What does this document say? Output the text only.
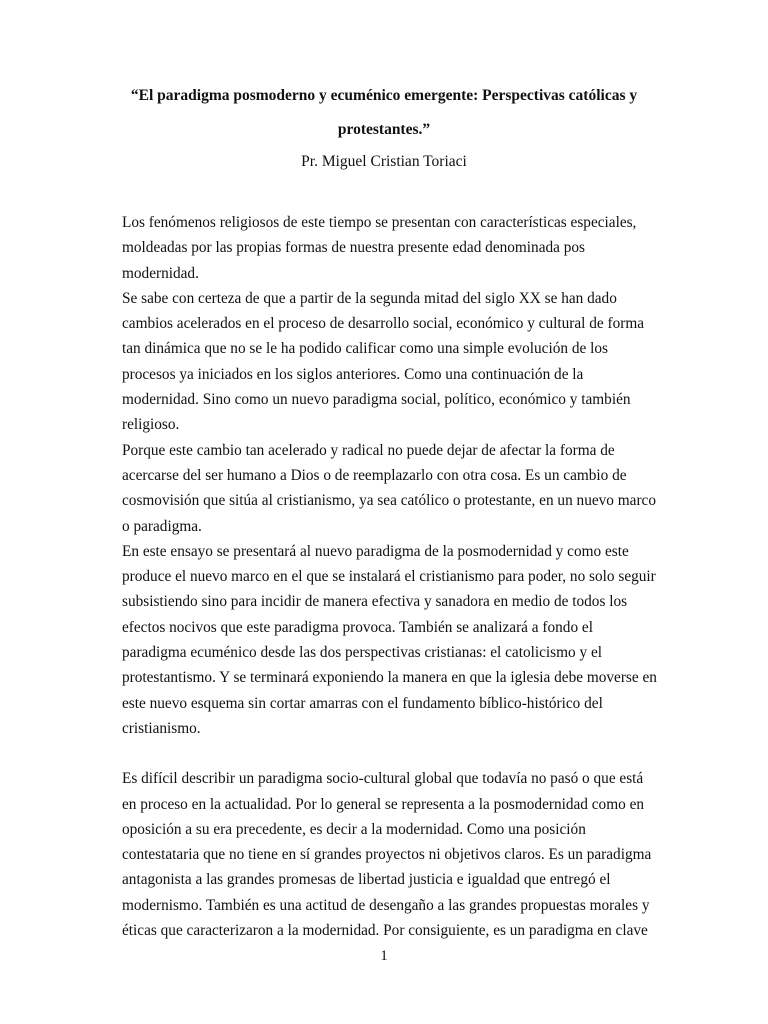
“El paradigma posmoderno y ecuménico emergente: Perspectivas católicas y

protestantes.”

Pr. Miguel Cristian Toriaci

Los fenómenos religiosos de este tiempo se presentan con características especiales,
moldeadas por las propias formas de nuestra presente edad denominada pos
modernidad.

Se sabe con certeza de que a partir de la segunda mitad del siglo XX se han dado
cambios acelerados en el proceso de desarrollo social, económico y cultural de forma
tan dinámica que no se le ha podido calificar como una simple evolución de los
procesos ya iniciados en los siglos anteriores. Como una continuación de la
modernidad. Sino como un nuevo paradigma social, político, económico y también
religioso.

Porque este cambio tan acelerado y radical no puede dejar de afectar la forma de
acercarse del ser humano a Dios o de reemplazarlo con otra cosa. Es un cambio de
cosmovisión que sitúa al cristianismo, ya sea católico o protestante, en un nuevo marco
o paradigma.

En este ensayo se presentará al nuevo paradigma de la posmodernidad y como este
produce el nuevo marco en el que se instalará el cristianismo para poder, no solo seguir
subsistiendo sino para incidir de manera efectiva y sanadora en medio de todos los
efectos nocivos que este paradigma provoca. También se analizará a fondo el
paradigma ecuménico desde las dos perspectivas cristianas: el catolicismo y el
protestantismo. Y se terminará exponiendo la manera en que la iglesia debe moverse en
este nuevo esquema sin cortar amarras con el fundamento bíblico-histórico del
cristianismo.

Es difícil describir un paradigma socio-cultural global que todavía no pasó o que está
en proceso en la actualidad. Por lo general se representa a la posmodernidad como en
oposición a su era precedente, es decir a la modernidad. Como una posición
contestataria que no tiene en sí grandes proyectos ni objetivos claros. Es un paradigma
antagonista a las grandes promesas de libertad justicia e igualdad que entregó el
modernismo. También es una actitud de desengaño a las grandes propuestas morales y
éticas que caracterizaron a la modernidad. Por consiguiente, es un paradigma en clave

1
